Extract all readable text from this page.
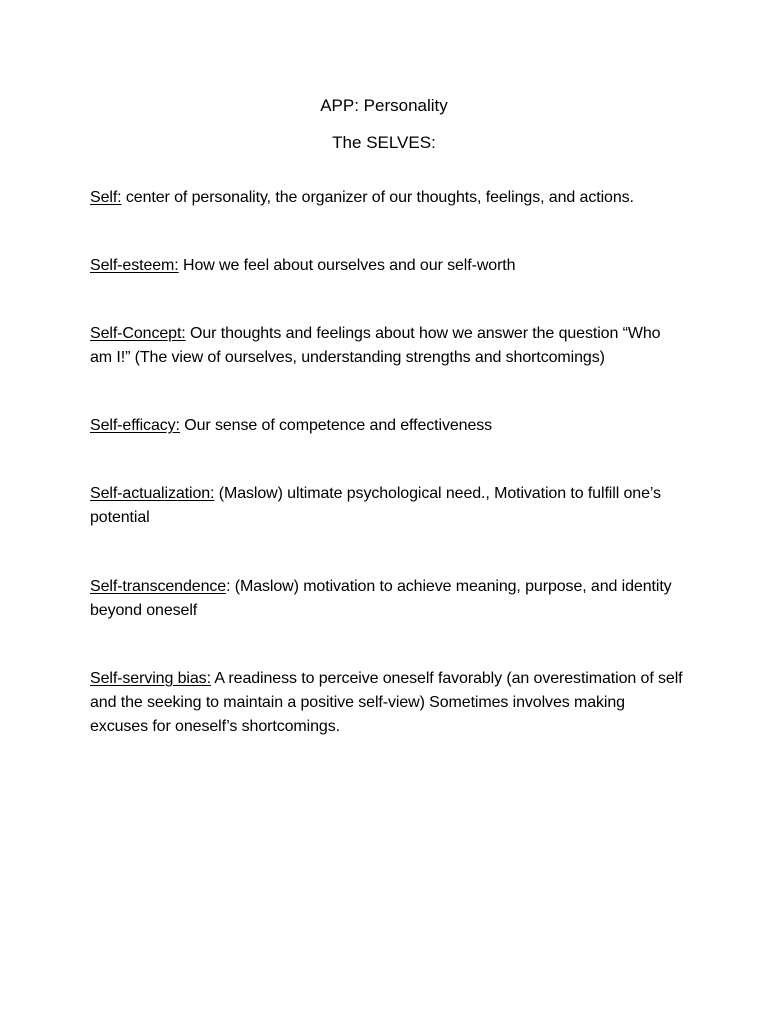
APP: Personality
The SELVES:

Self: center of personality, the organizer of our thoughts, feelings, and actions.

Self-esteem: How we feel about ourselves and our self-worth

Self-Concept: Our thoughts and feelings about how we answer the question “Who am I!” (The view of ourselves, understanding strengths and shortcomings)

Self-efficacy: Our sense of competence and effectiveness

Self-actualization: (Maslow) ultimate psychological need., Motivation to fulfill one’s potential

Self-transcendence: (Maslow) motivation to achieve meaning, purpose, and identity beyond oneself

Self-serving bias: A readiness to perceive oneself favorably (an overestimation of self and the seeking to maintain a positive self-view) Sometimes involves making excuses for oneself’s shortcomings.
